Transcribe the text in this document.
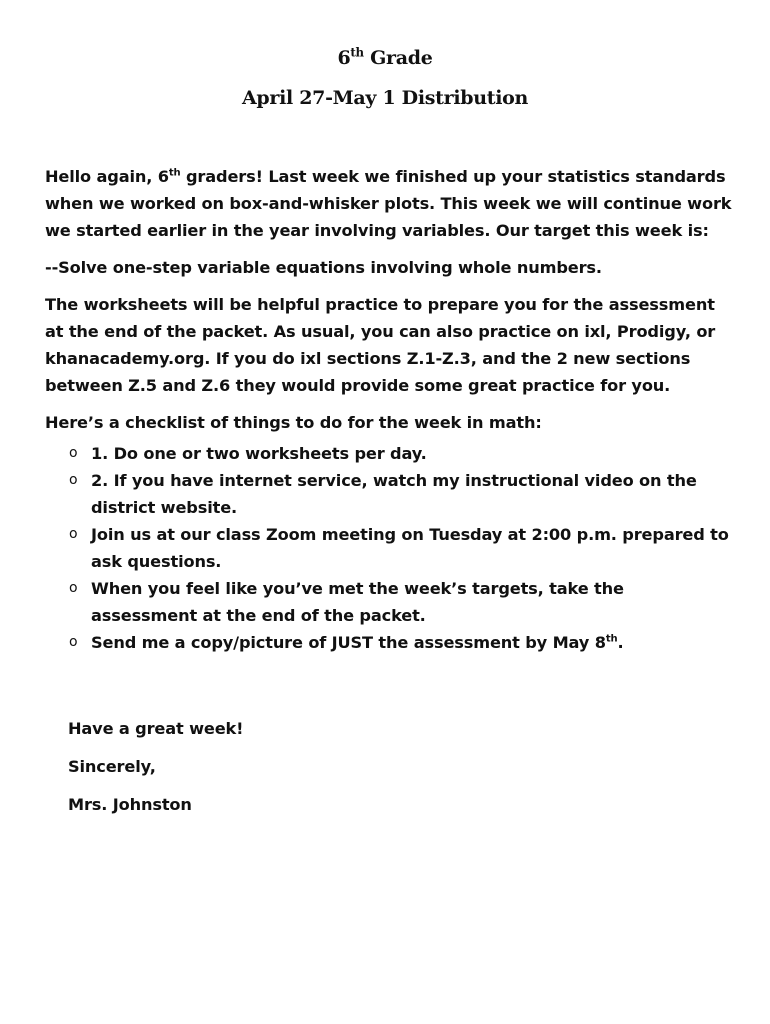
6th Grade
April 27-May 1 Distribution

Hello again, 6th graders! Last week we finished up your statistics standards when we worked on box-and-whisker plots. This week we will continue work we started earlier in the year involving variables. Our target this week is:

--Solve one-step variable equations involving whole numbers.

The worksheets will be helpful practice to prepare you for the assessment at the end of the packet. As usual, you can also practice on ixl, Prodigy, or khanacademy.org. If you do ixl sections Z.1-Z.3, and the 2 new sections between Z.5 and Z.6 they would provide some great practice for you.

Here’s a checklist of things to do for the week in math:

o 1. Do one or two worksheets per day.
o 2. If you have internet service, watch my instructional video on the district website.
o Join us at our class Zoom meeting on Tuesday at 2:00 p.m. prepared to ask questions.
o When you feel like you’ve met the week’s targets, take the assessment at the end of the packet.
o Send me a copy/picture of JUST the assessment by May 8th.
Have a great week!
Sincerely,
Mrs. Johnston
